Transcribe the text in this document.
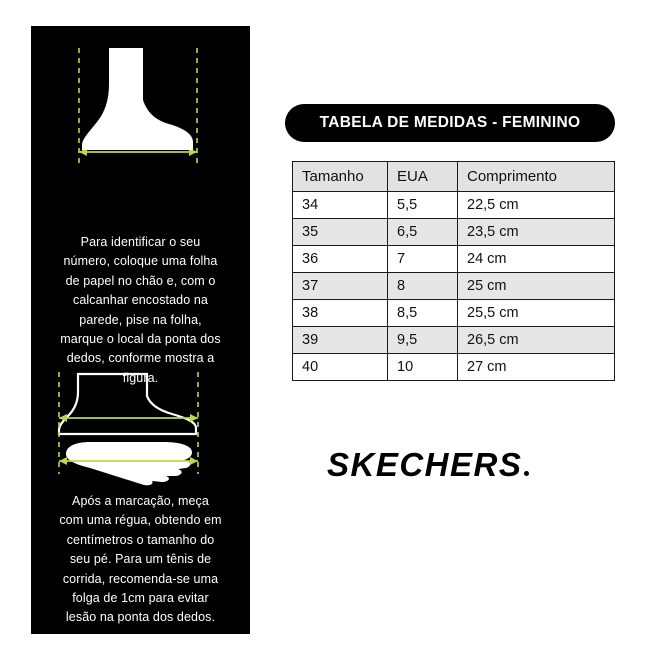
Para identificar o seu número, coloque uma folha de papel no chão e, com o calcanhar encostado na parede, pise na folha, marque o local da ponta dos dedos, conforme mostra a figura.
Após a marcação, meça com uma régua, obtendo em centímetros o tamanho do seu pé. Para um tênis de corrida, recomenda-se uma folga de 1cm para evitar lesão na ponta dos dedos.
TABELA DE MEDIDAS - FEMININO
Tamanho	EUA	Comprimento
34	5,5	22,5 cm
35	6,5	23,5 cm
36	7	24 cm
37	8	25 cm
38	8,5	25,5 cm
39	9,5	26,5 cm
40	10	27 cm
SKECHERS
